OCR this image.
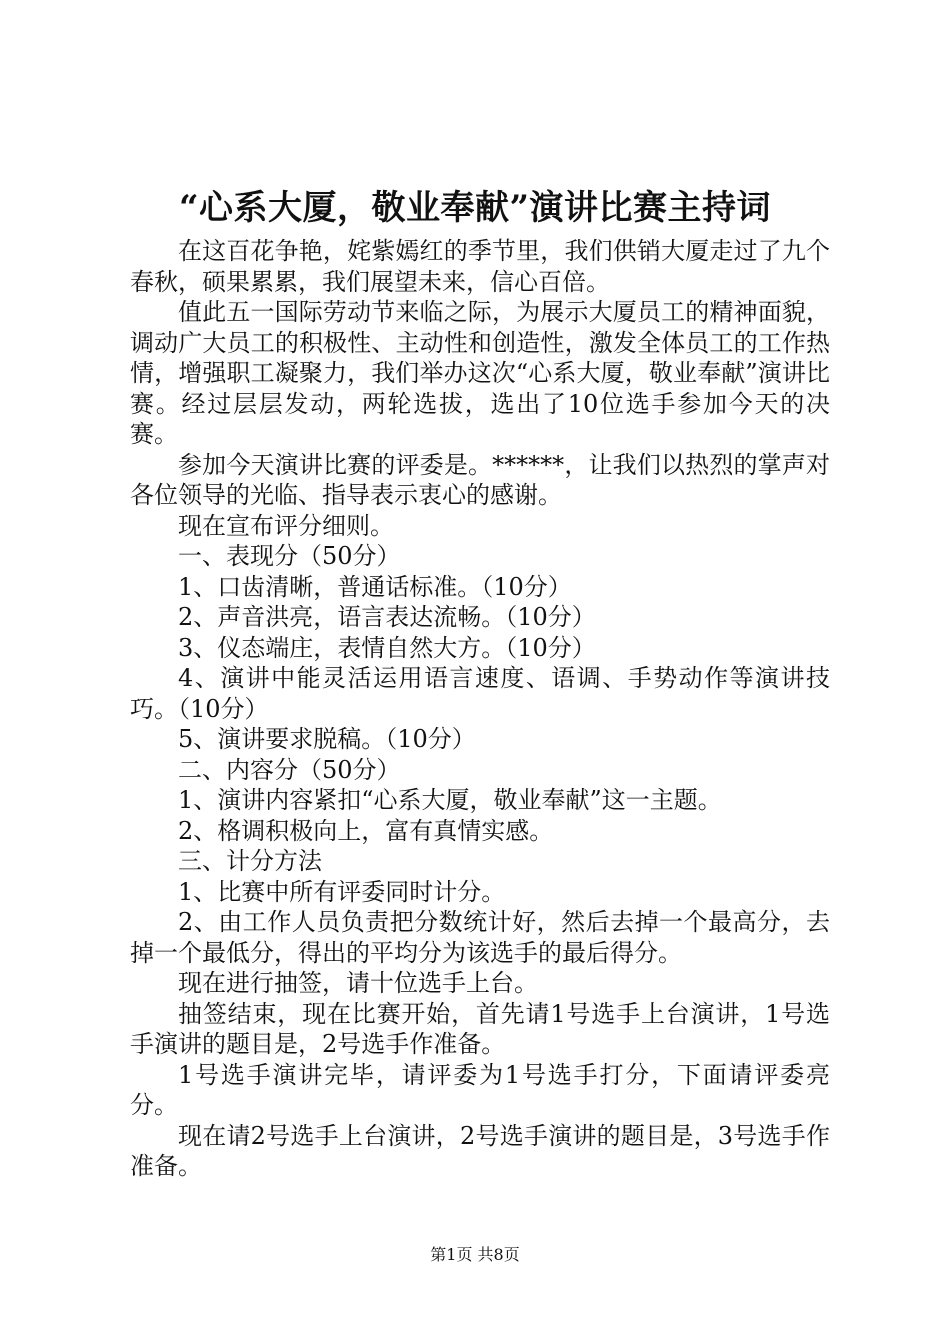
“心系大厦，敬业奉献”演讲比赛主持词

在这百花争艳，姹紫嫣红的季节里，我们供销大厦走过了九个春秋，硕果累累，我们展望未来，信心百倍。

值此五一国际劳动节来临之际，为展示大厦员工的精神面貌，调动广大员工的积极性、主动性和创造性，激发全体员工的工作热情，增强职工凝聚力，我们举办这次“心系大厦，敬业奉献”演讲比赛。经过层层发动，两轮选拔，选出了10位选手参加今天的决赛。

参加今天演讲比赛的评委是。******，让我们以热烈的掌声对各位领导的光临、指导表示衷心的感谢。

现在宣布评分细则。

一、表现分（50分）

1、口齿清晰，普通话标准。（10分）

2、声音洪亮，语言表达流畅。（10分）

3、仪态端庄，表情自然大方。（10分）

4、演讲中能灵活运用语言速度、语调、手势动作等演讲技巧。（10分）

5、演讲要求脱稿。（10分）

二、内容分（50分）

1、演讲内容紧扣“心系大厦，敬业奉献”这一主题。

2、格调积极向上，富有真情实感。

三、计分方法

1、比赛中所有评委同时计分。

2、由工作人员负责把分数统计好，然后去掉一个最高分，去掉一个最低分，得出的平均分为该选手的最后得分。

现在进行抽签，请十位选手上台。

抽签结束，现在比赛开始，首先请1号选手上台演讲，1号选手演讲的题目是，2号选手作准备。

1号选手演讲完毕，请评委为1号选手打分，下面请评委亮分。

现在请2号选手上台演讲，2号选手演讲的题目是，3号选手作准备。

第1页 共8页
